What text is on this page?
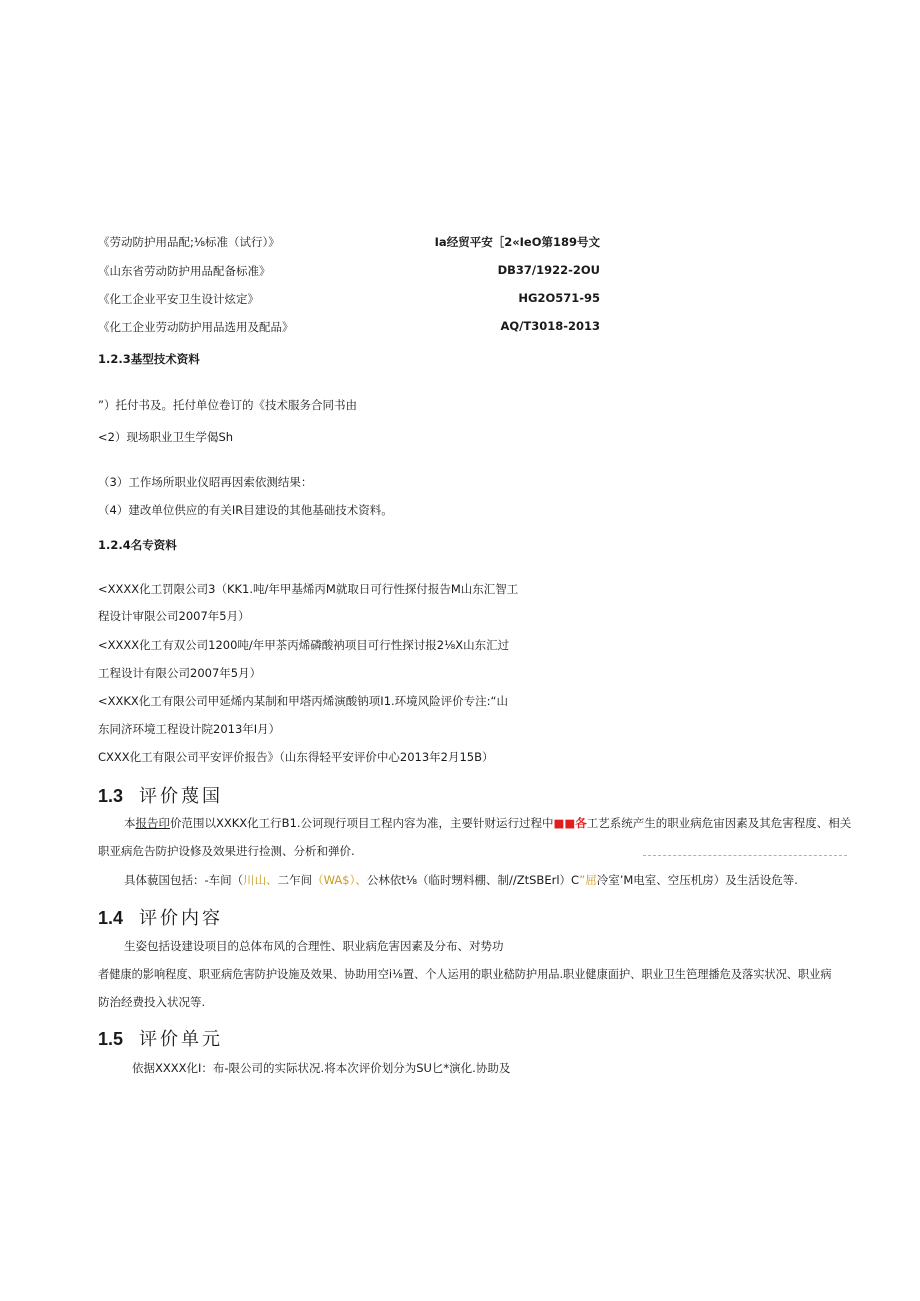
《劳动防护用品配;⅛标准（试行）》	Ia经贸平安［2«IeO第189号文
《山东省劳动防护用品配备标准》	DB37/1922-2OU
《化工企业平安卫生设计炫定》	HG2O571-95
《化工企业劳动防护用品选用及配品》	AQ/T3018-2013
1.2.3基型技术资料
”）托付书及。托付单位卷订的《技术服务合同书由
<2）现场职业卫生学偈Sh
（3）工作场所职业仪昭再因索依测结果：
（4）建改单位供应的有关IR目建设的其他基础技术资料。
1.2.4名专资料
<XXXX化工罚限公司3（KK1.吨/年甲基烯丙M就取日可行性探付报告M山东汇智工
程设计审限公司2007年5月）
<XXXX化工有双公司1200吨/年甲茶丙烯磷酸衲项目可行性探讨报2⅛X山东汇过
工程设计有限公司2007年5月）
<XXKX化工有限公司甲延烯内某制和甲塔丙烯演酸钠项I1.环境风险评价专注:“山
东同济环境工程设计院2013年I月）
CXXX化工有限公司平安评价报告》（山东得轻平安评价中心2013年2月15B）
1.3 评价蔑国
本报告印价范围以XXKX化工行B1.公诃现行项目工程内容为准，主要针财运行过程中■■各工艺系统产生的职业病危宙因素及其危害程度、相关
职亚病危告防护设修及效果进行捡测、分析和弹价.
具体藐国包括：-车间（川山、二乍间（WA$）、公林依t⅛（临时甥料棚、制//ZtSBErl）C”屈冷室’M电室、空压机房）及生活设危等.
1.4 评价内容
生姿包括设建设项目的总体布风的合理性、职业病危害因素及分布、对势功
者健康的影响程度、职亚病危害防护设施及效果、协助用空i⅛置、个人运用的职业嵇防护用品.职业健康面护、职业卫生笆理播危及落实状况、职业病
防治经费投入状况等.
1.5 评价单元
依据XXXX化I：布-限公司的实际状况.将本次评价划分为SU匕*演化.协助及
